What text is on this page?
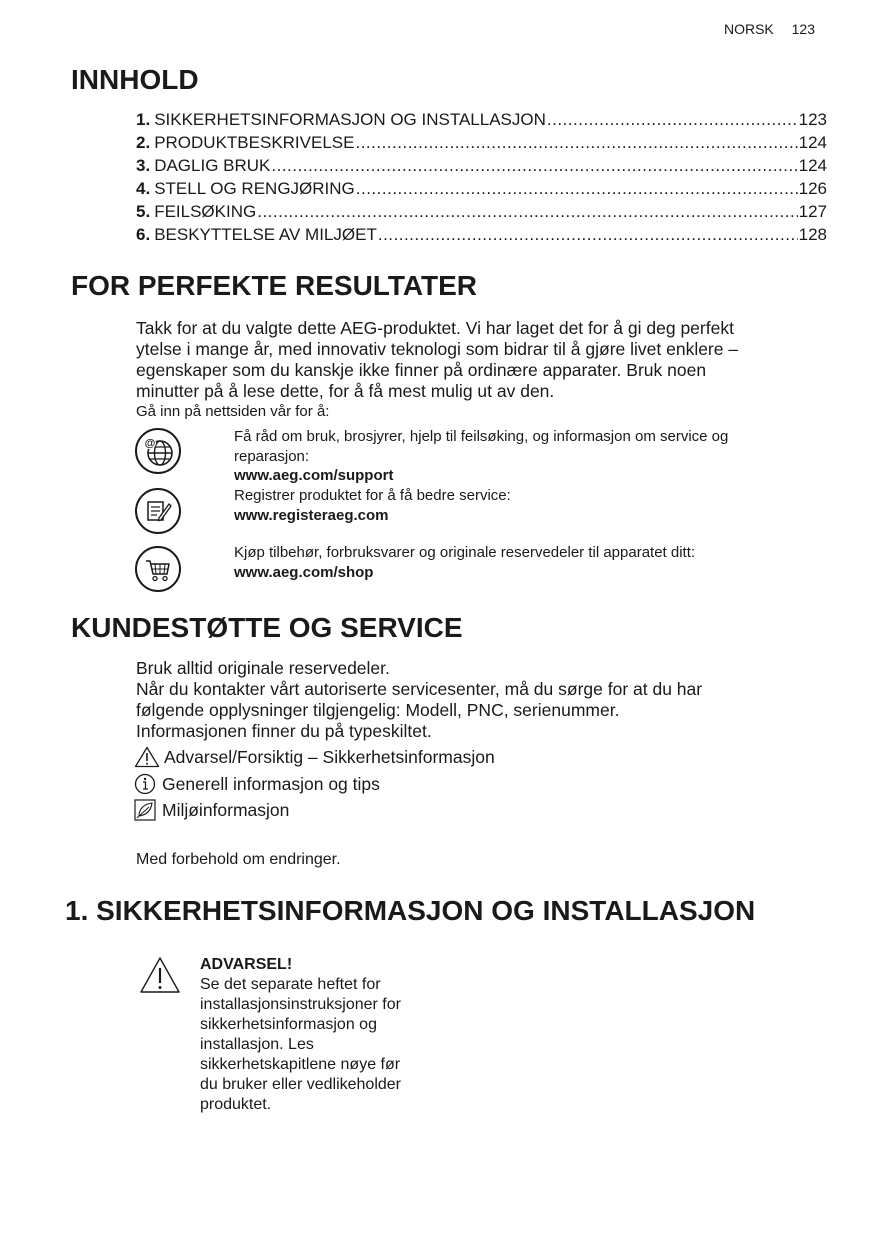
NORSK 123
INNHOLD
1. SIKKERHETSINFORMASJON OG INSTALLASJON .....	123
2. PRODUKTBESKRIVELSE .....	124
3. DAGLIG BRUK .....	124
4. STELL OG RENGJØRING .....	126
5. FEILSØKING .....	127
6. BESKYTTELSE AV MILJØET .....	128
FOR PERFEKTE RESULTATER
Takk for at du valgte dette AEG-produktet. Vi har laget det for å gi deg perfekt
ytelse i mange år, med innovativ teknologi som bidrar til å gjøre livet enklere –
egenskaper som du kanskje ikke finner på ordinære apparater. Bruk noen
minutter på å lese dette, for å få mest mulig ut av den.
Gå inn på nettsiden vår for å:
@	Få råd om bruk, brosjyrer, hjelp til feilsøking, og informasjon om service og
reparasjon:
www.aeg.com/support
Registrer produktet for å få bedre service:
www.registeraeg.com
Kjøp tilbehør, forbruksvarer og originale reservedeler til apparatet ditt:
www.aeg.com/shop
KUNDESTØTTE OG SERVICE
Bruk alltid originale reservedeler.
Når du kontakter vårt autoriserte servicesenter, må du sørge for at du har
følgende opplysninger tilgjengelig: Modell, PNC, serienummer.
Informasjonen finner du på typeskiltet.
Advarsel/Forsiktig – Sikkerhetsinformasjon
Generell informasjon og tips
Miljøinformasjon
Med forbehold om endringer.
1. SIKKERHETSINFORMASJON OG INSTALLASJON
ADVARSEL!
Se det separate heftet for
installasjonsinstruksjoner for
sikkerhetsinformasjon og
installasjon. Les
sikkerhetskapitlene nøye før
du bruker eller vedlikeholder
produktet.
